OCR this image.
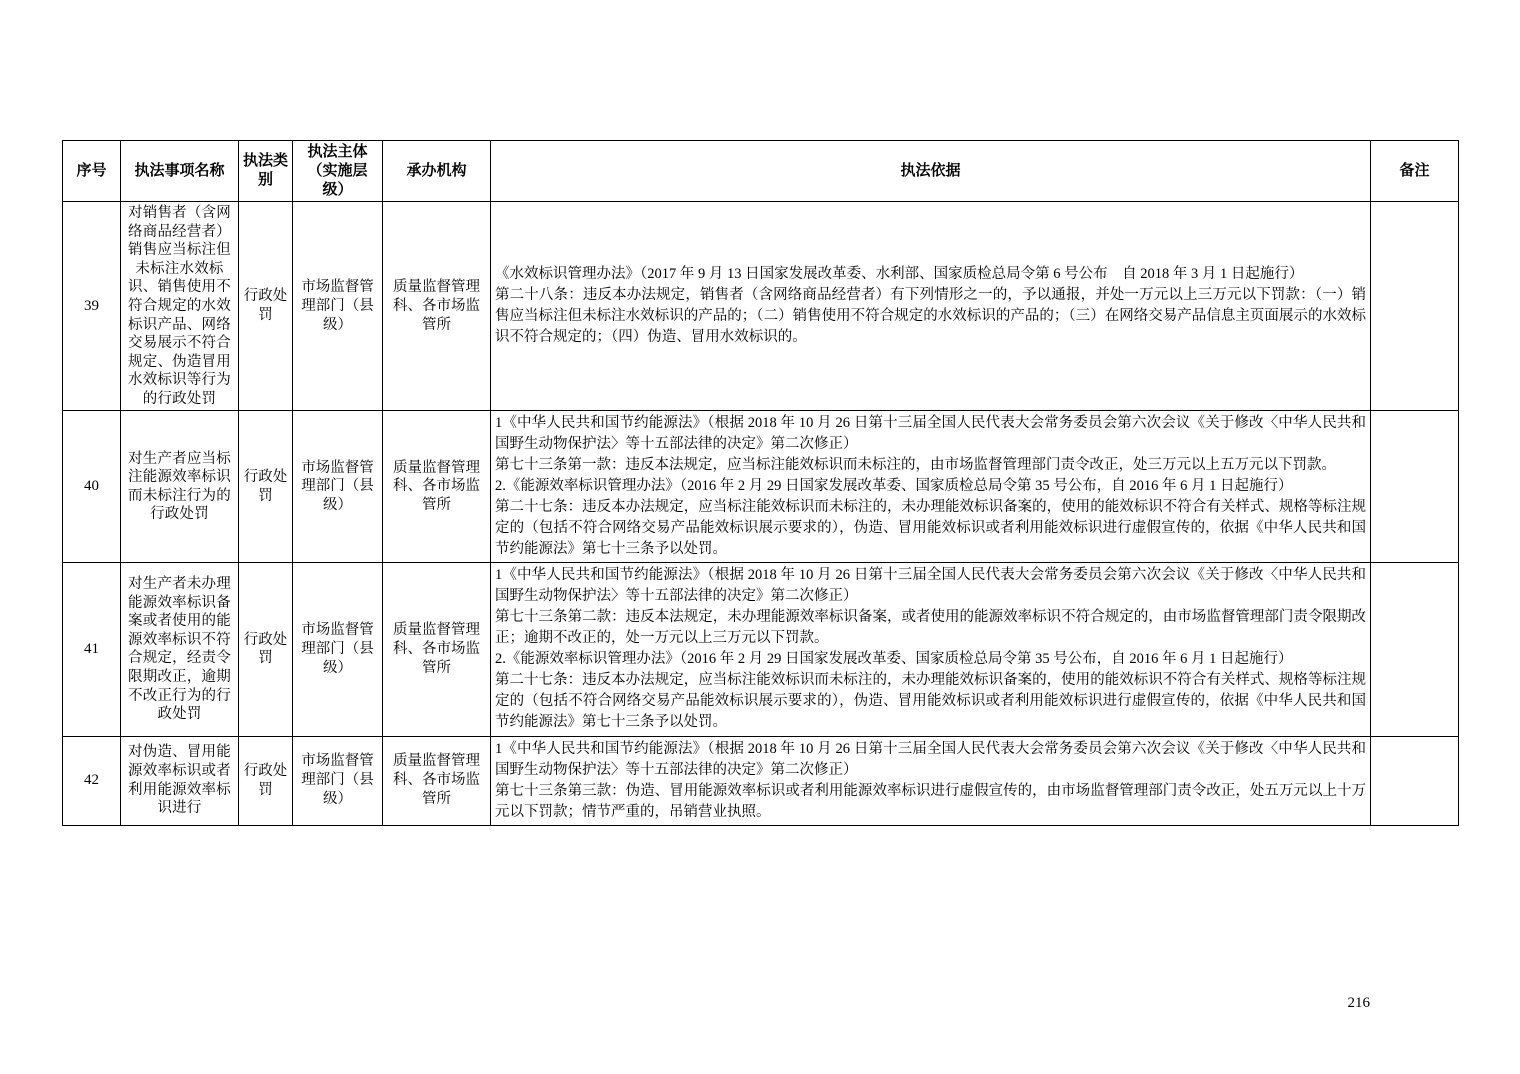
序号	执法事项名称	执法类别	执法主体（实施层级）	承办机构	执法依据	备注
39	对销售者（含网络商品经营者）销售应当标注但未标注水效标识、销售使用不符合规定的水效标识产品、网络交易展示不符合规定、伪造冒用水效标识等行为的行政处罚	行政处罚	市场监督管理部门（县级）	质量监督管理科、各市场监管所	《水效标识管理办法》（2017 年 9 月 13 日国家发展改革委、水利部、国家质检总局令第 6 号公布　自 2018 年 3 月 1 日起施行）

第二十八条：违反本办法规定，销售者（含网络商品经营者）有下列情形之一的，予以通报，并处一万元以上三万元以下罚款：（一）销售应当标注但未标注水效标识的产品的；（二）销售使用不符合规定的水效标识的产品的；（三）在网络交易产品信息主页面展示的水效标识不符合规定的；（四）伪造、冒用水效标识的。	

40	对生产者应当标注能源效率标识而未标注行为的行政处罚	行政处罚	市场监督管理部门（县级）	质量监督管理科、各市场监管所	1《中华人民共和国节约能源法》（根据 2018 年 10 月 26 日第十三届全国人民代表大会常务委员会第六次会议《关于修改〈中华人民共和国野生动物保护法〉等十五部法律的决定》第二次修正）

第七十三条第一款：违反本法规定，应当标注能效标识而未标注的，由市场监督管理部门责令改正，处三万元以上五万元以下罚款。

2.《能源效率标识管理办法》（2016 年 2 月 29 日国家发展改革委、国家质检总局令第 35 号公布，自 2016 年 6 月 1 日起施行）

第二十七条：违反本办法规定，应当标注能效标识而未标注的，未办理能效标识备案的，使用的能效标识不符合有关样式、规格等标注规定的（包括不符合网络交易产品能效标识展示要求的），伪造、冒用能效标识或者利用能效标识进行虚假宣传的，依据《中华人民共和国节约能源法》第七十三条予以处罚。	

41	对生产者未办理能源效率标识备案或者使用的能源效率标识不符合规定，经责令限期改正，逾期不改正行为的行政处罚	行政处罚	市场监督管理部门（县级）	质量监督管理科、各市场监管所	1《中华人民共和国节约能源法》（根据 2018 年 10 月 26 日第十三届全国人民代表大会常务委员会第六次会议《关于修改〈中华人民共和国野生动物保护法〉等十五部法律的决定》第二次修正）

第七十三条第二款：违反本法规定，未办理能源效率标识备案，或者使用的能源效率标识不符合规定的，由市场监督管理部门责令限期改正；逾期不改正的，处一万元以上三万元以下罚款。

2.《能源效率标识管理办法》（2016 年 2 月 29 日国家发展改革委、国家质检总局令第 35 号公布，自 2016 年 6 月 1 日起施行）

第二十七条：违反本办法规定，应当标注能效标识而未标注的，未办理能效标识备案的，使用的能效标识不符合有关样式、规格等标注规定的（包括不符合网络交易产品能效标识展示要求的），伪造、冒用能效标识或者利用能效标识进行虚假宣传的，依据《中华人民共和国节约能源法》第七十三条予以处罚。	

42	对伪造、冒用能源效率标识或者利用能源效率标识进行	行政处罚	市场监督管理部门（县级）	质量监督管理科、各市场监管所	1《中华人民共和国节约能源法》（根据 2018 年 10 月 26 日第十三届全国人民代表大会常务委员会第六次会议《关于修改〈中华人民共和国野生动物保护法〉等十五部法律的决定》第二次修正）

第七十三条第三款：伪造、冒用能源效率标识或者利用能源效率标识进行虚假宣传的，由市场监督管理部门责令改正，处五万元以上十万元以下罚款；情节严重的，吊销营业执照。	

216
